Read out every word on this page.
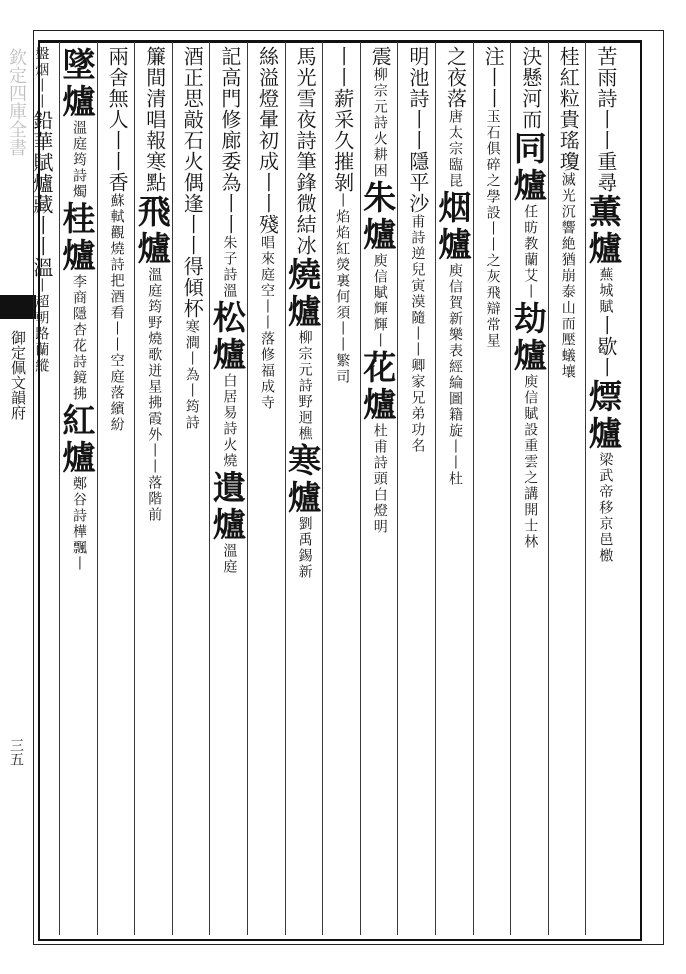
欽定四庫全書
御定佩文韻府
三五
苦雨詩丨丨重尋
薫
爐
蕪城賦
丨歇丨
熛
爐
梁武帝移京邑檄
桂紅粒貴瑤瓊
滅光沉響絶
猶崩泰山而壓蟻壤
決懸河而
同
爐
任昉教蘭艾丨
劫
爐
庾信賦設重雲之講開士林
注丨丨
玉石俱碎
之學設丨丨之灰飛辯常星
之夜落
唐太宗臨昆
烟
爐
庾信
賀新樂表經綸圖籍旋丨丨杜
明池詩丨丨隱平沙
甫詩逆兒寅漠隨丨丨卿家兄弟功名
震
柳宗元詩火耕困
朱
爐
庾信賦輝輝丨
花
爐
杜甫詩頭白燈明
丨丨薪采久摧剝
丨焰焰紅熒
裏何須丨丨繁司
馬光雪夜詩筆鋒微結冰
燒
爐
柳宗元詩野迥樵
寒
爐
劉禹錫新
絲溢燈暈初成丨丨殘
唱來庭空丨丨落
修福成寺
記高門修廊委為丨丨
朱子詩溫
松
爐
白居易詩火燒
遺
爐
溫庭
酒正思敲石火偶逢丨丨得傾杯
寒澗丨為丨
筠詩
簾間清唱報寒點
飛
爐
溫庭筠野燒歌迸星拂霞外丨丨落階前
兩舍無人丨丨香
蘇軾觀燒詩把酒看丨丨空庭落繽紛
墜
爐
溫庭筠詩燭
桂
爐
李商隱杏花詩鏡拂
紅
爐
鄭谷詩樺飄丨
盤烟丨丨
鉛華賦爐藏丨丨溫
丨超朝路蘭縱
